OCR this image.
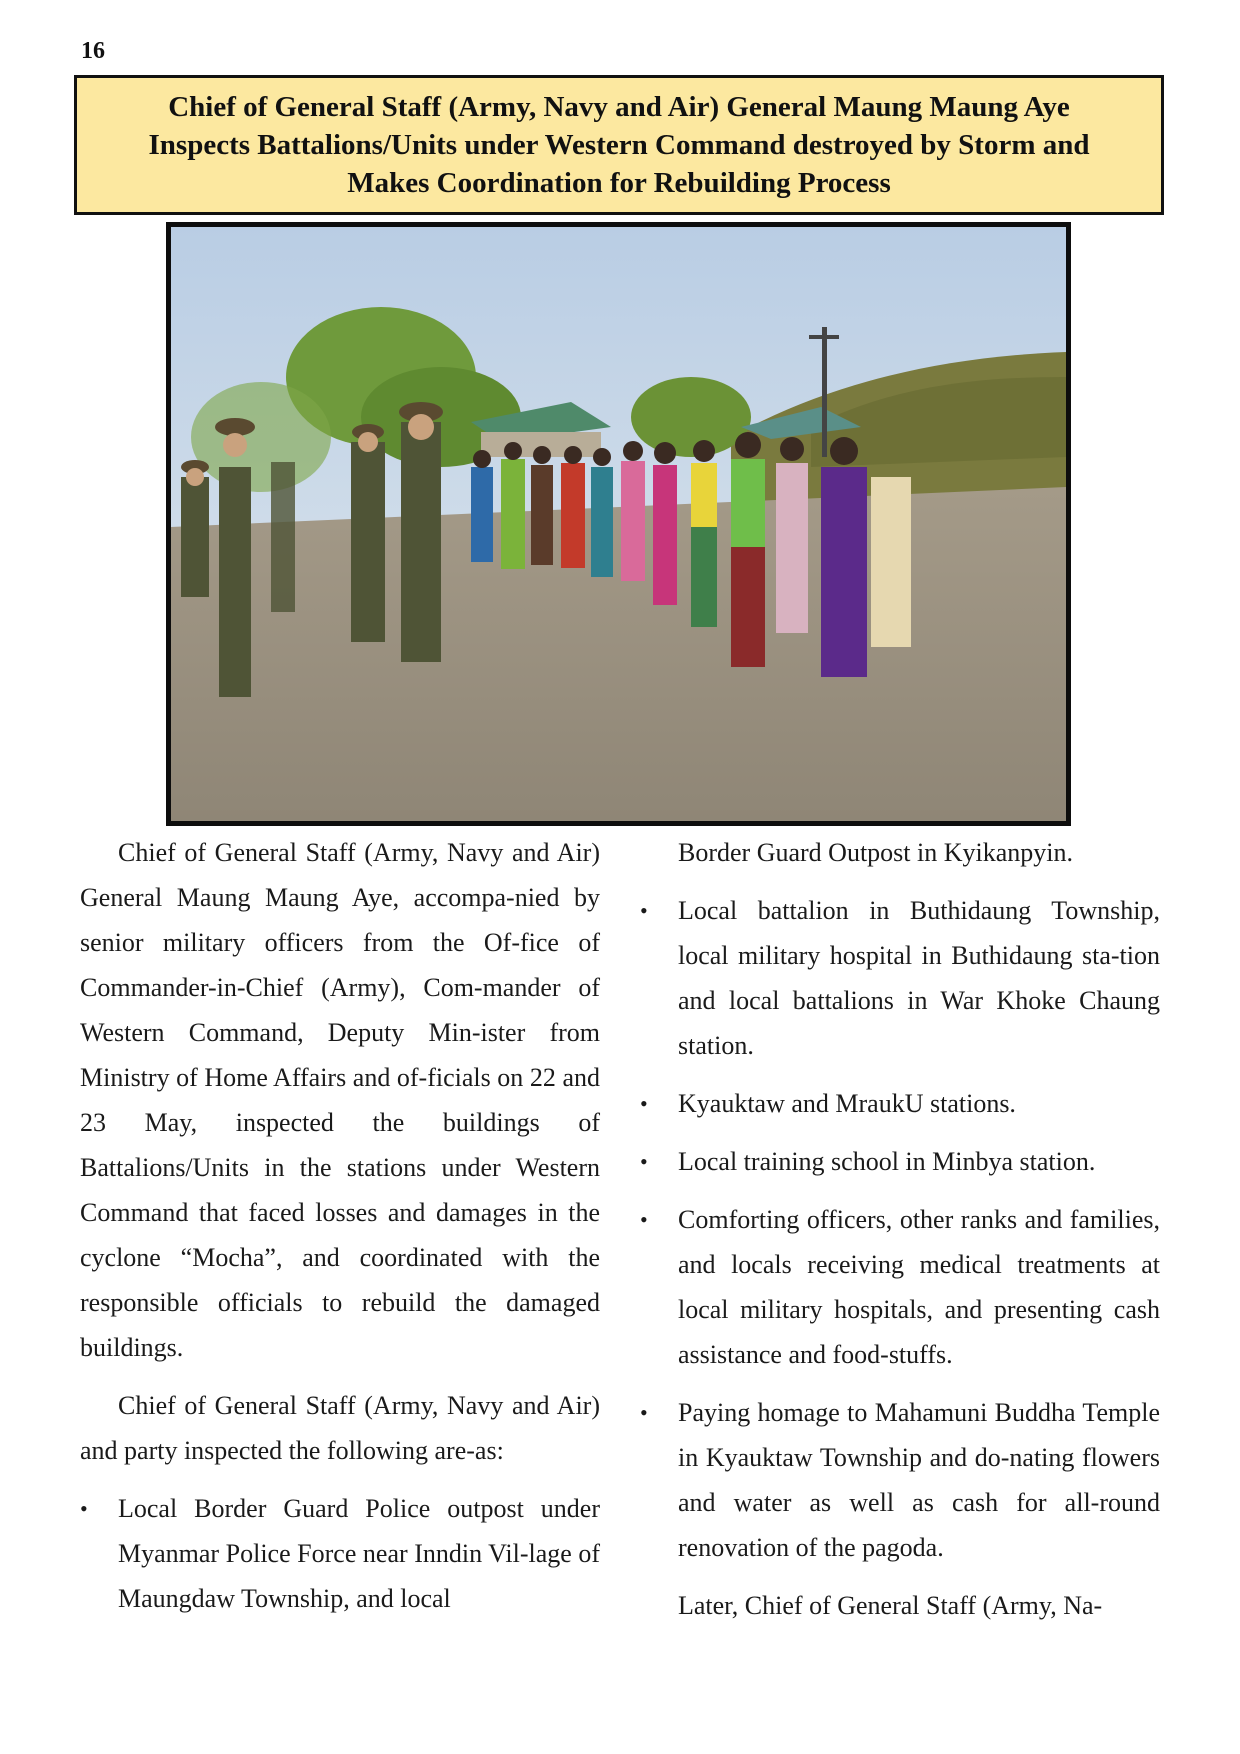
16
Chief of General Staff (Army, Navy and Air) General Maung Maung Aye
Inspects Battalions/Units under Western Command destroyed by Storm and
Makes Coordination for Rebuilding Process

Chief of General Staff (Army, Navy and Air) General Maung Maung Aye, accompa-nied by senior military officers from the Of-fice of Commander-in-Chief (Army), Com-mander of Western Command, Deputy Min-ister from Ministry of Home Affairs and of-ficials on 22 and 23 May, inspected the buildings of Battalions/Units in the stations under Western Command that faced losses and damages in the cyclone “Mocha”, and coordinated with the responsible officials to rebuild the damaged buildings.

Chief of General Staff (Army, Navy and Air) and party inspected the following are-as:

•	Local Border Guard Police outpost under Myanmar Police Force near Inndin Vil-lage of Maungdaw Township, and local

Border Guard Outpost in Kyikanpyin.

•	Local battalion in Buthidaung Township, local military hospital in Buthidaung sta-tion and local battalions in War Khoke Chaung station.
•	Kyauktaw and MraukU stations.
•	Local training school in Minbya station.
•	Comforting officers, other ranks and families, and locals receiving medical treatments at local military hospitals, and presenting cash assistance and food-stuffs.
•	Paying homage to Mahamuni Buddha Temple in Kyauktaw Township and do-nating flowers and water as well as cash for all-round renovation of the pagoda.

Later, Chief of General Staff (Army, Na-
